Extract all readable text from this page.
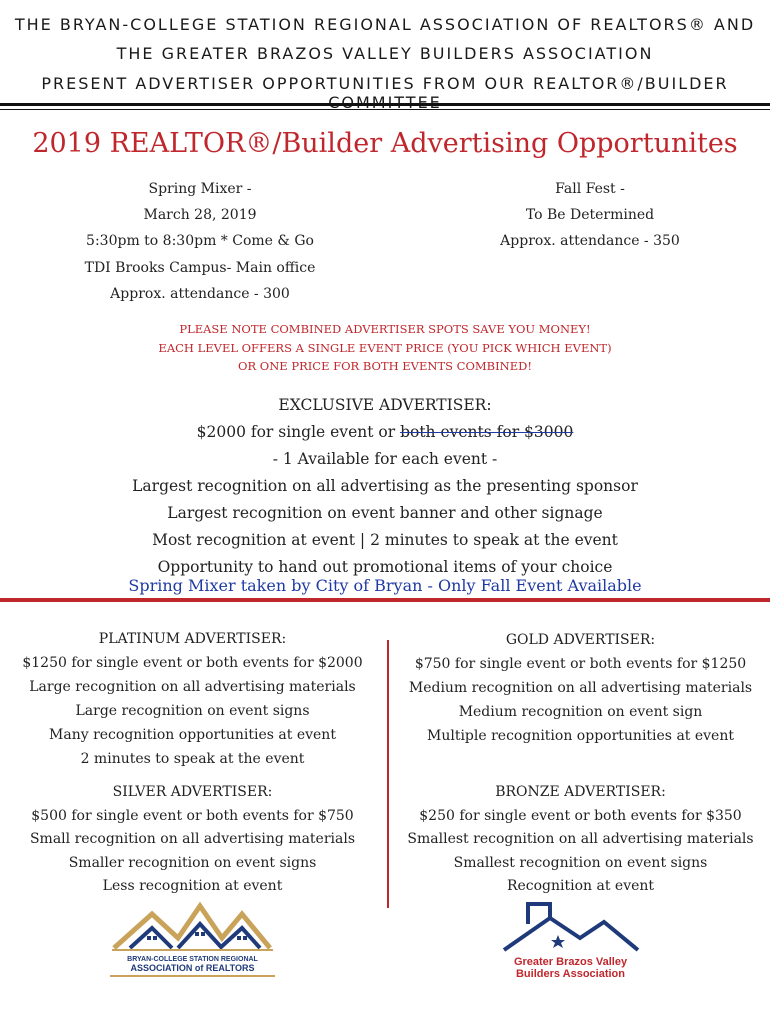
THE BRYAN-COLLEGE STATION REGIONAL ASSOCIATION OF REALTORS® AND
THE GREATER BRAZOS VALLEY BUILDERS ASSOCIATION
PRESENT ADVERTISER OPPORTUNITIES FROM OUR REALTOR®/BUILDER
2019 REALTOR®/Builder Advertising Opportunites
Spring Mixer -
March 28, 2019
5:30pm to 8:30pm * Come & Go
TDI Brooks Campus- Main office
Approx. attendance - 300
Fall Fest -
To Be Determined
Approx. attendance - 350
PLEASE NOTE COMBINED ADVERTISER SPOTS SAVE YOU MONEY!
EACH LEVEL OFFERS A SINGLE EVENT PRICE (YOU PICK WHICH EVENT)
OR ONE PRICE FOR BOTH EVENTS COMBINED!
EXCLUSIVE ADVERTISER:
$2000 for single event or both events for $3000
- 1 Available for each event -
Largest recognition on all advertising as the presenting sponsor
Largest recognition on event banner and other signage
Most recognition at event | 2 minutes to speak at the event
Opportunity to hand out promotional items of your choice
Spring Mixer taken by City of Bryan - Only Fall Event Available
PLATINUM ADVERTISER:
$1250 for single event or both events for $2000
Large recognition on all advertising materials
Large recognition on event signs
Many recognition opportunities at event
2 minutes to speak at the event
GOLD ADVERTISER:
$750 for single event or both events for $1250
Medium recognition on all advertising materials
Medium recognition on event sign
Multiple recognition opportunities at event
SILVER ADVERTISER:
$500 for single event or both events for $750
Small recognition on all advertising materials
Smaller recognition on event signs
Less recognition at event
BRONZE ADVERTISER:
$250 for single event or both events for $350
Smallest recognition on all advertising materials
Smallest recognition on event signs
Recognition at event
BRYAN-COLLEGE STATION REGIONAL
ASSOCIATION of REALTORS	Greater Brazos Valley
Builders Association
